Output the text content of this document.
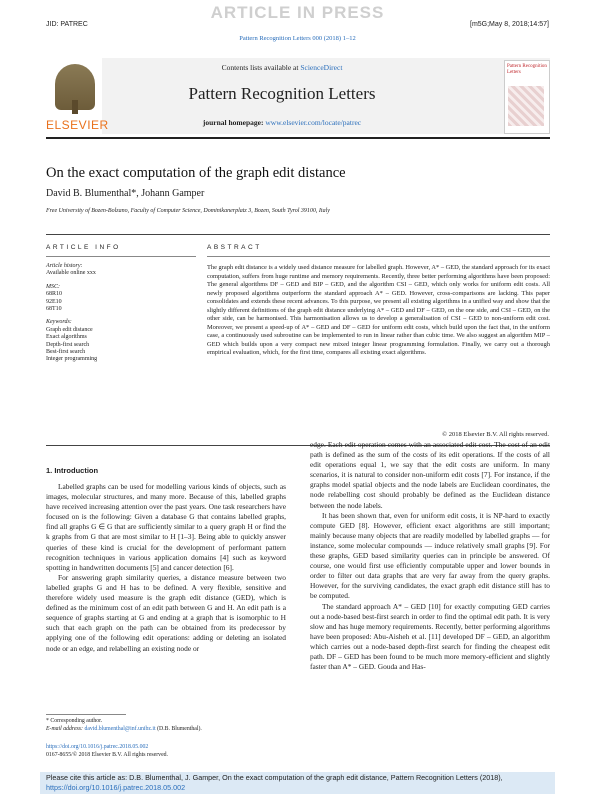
ARTICLE IN PRESS
JID: PATREC	[m5G;May 8, 2018;14:57]
Pattern Recognition Letters 000 (2018) 1–12
ELSEVIER
Contents lists available at ScienceDirect
Pattern Recognition Letters
journal homepage: www.elsevier.com/locate/patrec
Pattern Recognition Letters
On the exact computation of the graph edit distance
David B. Blumenthal*, Johann Gamper
Free University of Bozen-Bolzano, Faculty of Computer Science, Dominikanerplatz 3, Bozen, South Tyrol 39100, Italy
ARTICLE INFO
Article history:
Available online xxx
MSC:
68R10
92E10
68T10
Keywords:
Graph edit distance
Exact algorithms
Depth-first search
Best-first search
Integer programming
ABSTRACT
The graph edit distance is a widely used distance measure for labelled graph. However, A* – GED, the standard approach for its exact computation, suffers from huge runtime and memory requirements. Recently, three better performing algorithms have been proposed: The general algorithms DF – GED and BIP – GED, and the algorithm CSI – GED, which only works for uniform edit costs. All newly proposed algorithms outperform the standard approach A* – GED. However, cross-comparisons are lacking. This paper consolidates and extends these recent advances. To this purpose, we present all existing algorithms in a unified way and show that the slightly different definitions of the graph edit distance underlying A* – GED and DF – GED, on the one side, and CSI – GED, on the other side, can be harmonised. This harmonisation allows us to develop a generalisation of CSI – GED to non-uniform edit cost. Moreover, we present a speed-up of A* – GED and DF – GED for uniform edit costs, which build upon the fact that, in the uniform case, a continuously used subroutine can be implemented to run in linear rather than cubic time. We also suggest an algorithm MIP – GED which builds upon a very compact new mixed integer linear programming formulation. Finally, we carry out a thorough empirical evaluation, which, for the first time, compares all existing exact algorithms.
© 2018 Elsevier B.V. All rights reserved.
1. Introduction

Labelled graphs can be used for modelling various kinds of objects, such as images, molecular structures, and many more. Because of this, labelled graphs have received increasing attention over the past years. One task researchers have focused on is the following: Given a database G that contains labelled graphs, find all graphs G ∈ G that are sufficiently similar to a query graph H or find the k graphs from G that are most similar to H [1–3]. Being able to quickly answer queries of these kind is crucial for the development of performant pattern recognition techniques in various application domains [4] such as keyword spotting in handwritten documents [5] and cancer detection [6].

For answering graph similarity queries, a distance measure between two labelled graphs G and H has to be defined. A very flexible, sensitive and therefore widely used measure is the graph edit distance (GED), which is defined as the minimum cost of an edit path between G and H. An edit path is a sequence of graphs starting at G and ending at a graph that is isomorphic to H such that each graph on the path can be obtained from its predecessor by applying one of the following edit operations: adding or deleting an isolated node or an edge, and relabelling an existing node or

edge. Each edit operation comes with an associated edit cost. The cost of an edit path is defined as the sum of the costs of its edit operations. If the costs of all edit operations equal 1, we say that the edit costs are uniform. In many scenarios, it is natural to consider non-uniform edit costs [7]. For instance, if the graphs model spatial objects and the node labels are Euclidean coordinates, the node relabelling cost should probably be defined as the Euclidean distance between the node labels.

It has been shown that, even for uniform edit costs, it is NP-hard to exactly compute GED [8]. However, efficient exact algorithms are still important; mainly because many objects that are readily modelled by labelled graphs — for instance, some molecular compounds — induce relatively small graphs [9]. For these graphs, GED based similarity queries can in principle be answered. Of course, one would first use efficiently computable upper and lower bounds in order to filter out data graphs that are very far away from the query graphs. However, for the surviving candidates, the exact graph edit distance still has to be computed.

The standard approach A* – GED [10] for exactly computing GED carries out a node-based best-first search in order to find the optimal edit path. It is very slow and has huge memory requirements. Recently, better performing algorithms have been proposed: Abu-Aisheh et al. [11] developed DF – GED, an algorithm which carries out a node-based depth-first search for finding the cheapest edit path. DF – GED has been found to be much more memory-efficient and slightly faster than A* – GED. Gouda and Has-

* Corresponding author.
E-mail address: david.blumenthal@inf.unibz.it (D.B. Blumenthal).
https://doi.org/10.1016/j.patrec.2018.05.002
0167-8655/© 2018 Elsevier B.V. All rights reserved.
Please cite this article as: D.B. Blumenthal, J. Gamper, On the exact computation of the graph edit distance, Pattern Recognition Letters (2018), https://doi.org/10.1016/j.patrec.2018.05.002
